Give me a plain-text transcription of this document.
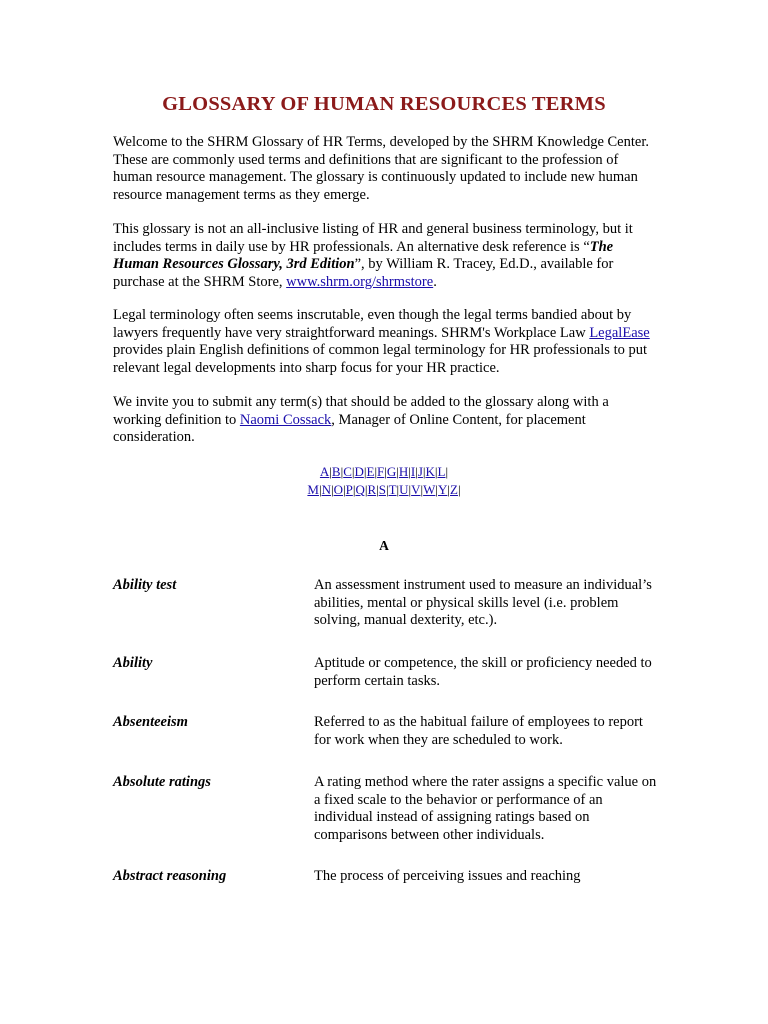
GLOSSARY OF HUMAN RESOURCES TERMS

Welcome to the SHRM Glossary of HR Terms, developed by the SHRM Knowledge Center. These are commonly used terms and definitions that are significant to the profession of human resource management. The glossary is continuously updated to include new human resource management terms as they emerge.

This glossary is not an all-inclusive listing of HR and general business terminology, but it includes terms in daily use by HR professionals. An alternative desk reference is “The Human Resources Glossary, 3rd Edition”, by William R. Tracey, Ed.D., available for purchase at the SHRM Store, www.shrm.org/shrmstore.

Legal terminology often seems inscrutable, even though the legal terms bandied about by lawyers frequently have very straightforward meanings. SHRM's Workplace Law LegalEase provides plain English definitions of common legal terminology for HR professionals to put relevant legal developments into sharp focus for your HR practice.

We invite you to submit any term(s) that should be added to the glossary along with a working definition to Naomi Cossack, Manager of Online Content, for placement consideration.

A|B|C|D|E|F|G|H|I|J|K|L|
M|N|O|P|Q|R|S|T|U|V|W|Y|Z|
A
Ability test	An assessment instrument used to measure an individual’s abilities, mental or physical skills level (i.e. problem solving, manual dexterity, etc.).
Ability	Aptitude or competence, the skill or proficiency needed to perform certain tasks.
Absenteeism	Referred to as the habitual failure of employees to report for work when they are scheduled to work.
Absolute ratings	A rating method where the rater assigns a specific value on a fixed scale to the behavior or performance of an individual instead of assigning ratings based on comparisons between other individuals.
Abstract reasoning	The process of perceiving issues and reaching
